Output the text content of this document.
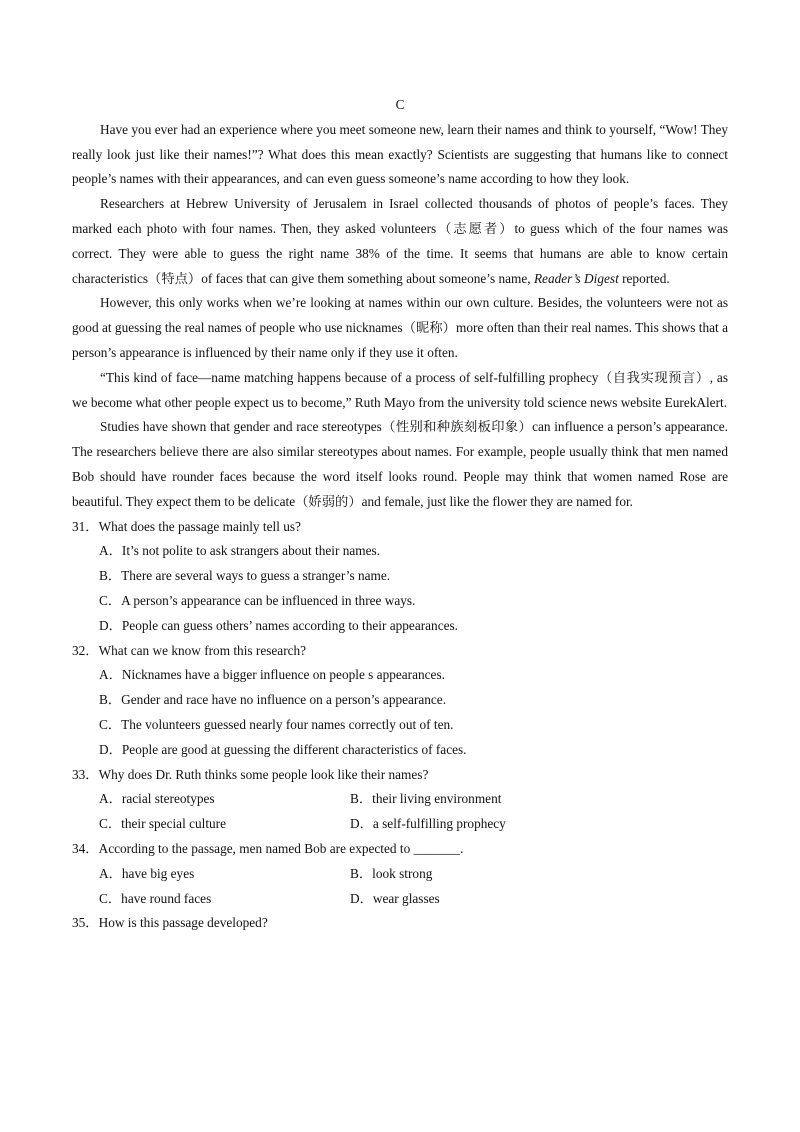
C

Have you ever had an experience where you meet someone new, learn their names and think to yourself, “Wow! They really look just like their names!”? What does this mean exactly? Scientists are suggesting that humans like to connect people’s names with their appearances, and can even guess someone’s name according to how they look.

Researchers at Hebrew University of Jerusalem in Israel collected thousands of photos of people’s faces. They marked each photo with four names. Then, they asked volunteers（志愿者）to guess which of the four names was correct. They were able to guess the right name 38% of the time. It seems that humans are able to know certain characteristics（特点）of faces that can give them something about someone’s name, Reader’s Digest reported.

However, this only works when we’re looking at names within our own culture. Besides, the volunteers were not as good at guessing the real names of people who use nicknames（昵称）more often than their real names. This shows that a person’s appearance is influenced by their name only if they use it often.

“This kind of face—name matching happens because of a process of self-fulfilling prophecy（自我实现预言）, as we become what other people expect us to become,” Ruth Mayo from the university told science news website EurekAlert.

Studies have shown that gender and race stereotypes（性别和种族刻板印象）can influence a person’s appearance. The researchers believe there are also similar stereotypes about names. For example, people usually think that men named Bob should have rounder faces because the word itself looks round. People may think that women named Rose are beautiful. They expect them to be delicate（娇弱的）and female, just like the flower they are named for.

31．What does the passage mainly tell us?

A．It’s not polite to ask strangers about their names.

B．There are several ways to guess a stranger’s name.

C．A person’s appearance can be influenced in three ways.

D．People can guess others’ names according to their appearances.

32．What can we know from this research?

A．Nicknames have a bigger influence on people s appearances.

B．Gender and race have no influence on a person’s appearance.

C．The volunteers guessed nearly four names correctly out of ten.

D．People are good at guessing the different characteristics of faces.

33．Why does Dr. Ruth thinks some people look like their names?

A．racial stereotypes	B．their living environment
C．their special culture	D．a self-fulfilling prophecy

34．According to the passage, men named Bob are expected to _______.

A．have big eyes	B．look strong
C．have round faces	D．wear glasses

35．How is this passage developed?
